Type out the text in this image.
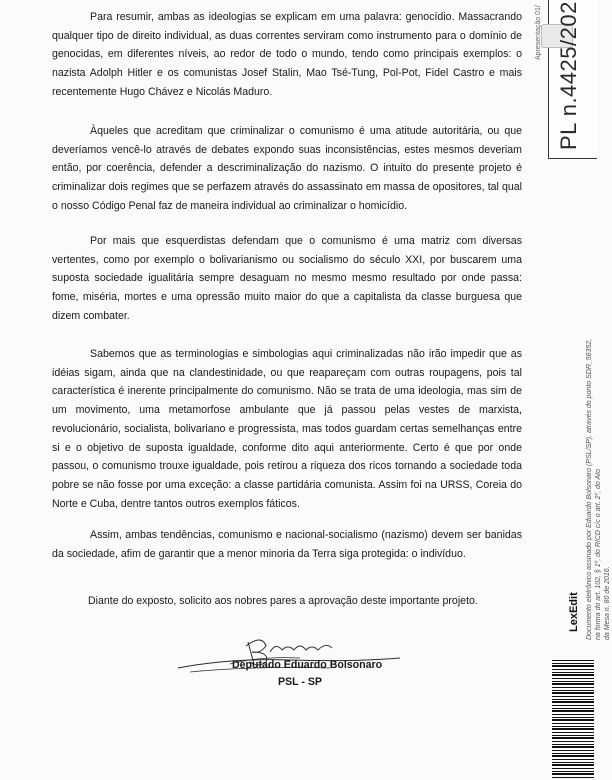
Para resumir, ambas as ideologias se explicam em uma palavra: genocídio. Massacrando qualquer tipo de direito individual, as duas correntes serviram como instrumento para o domínio de genocidas, em diferentes níveis, ao redor de todo o mundo, tendo como principais exemplos: o nazista Adolph Hitler e os comunistas Josef Stalin, Mao Tsé-Tung, Pol-Pot, Fidel Castro e mais recentemente Hugo Chávez e Nicolás Maduro.

Àqueles que acreditam que criminalizar o comunismo é uma atitude autoritária, ou que deveríamos vencê-lo através de debates expondo suas inconsistências, estes mesmos deveriam então, por coerência, defender a descriminalização do nazismo. O intuito do presente projeto é criminalizar dois regimes que se perfazem através do assassinato em massa de opositores, tal qual o nosso Código Penal faz de maneira individual ao criminalizar o homicídio.

Por mais que esquerdistas defendam que o comunismo é uma matriz com diversas vertentes, como por exemplo o bolivarianismo ou socialismo do século XXI, por buscarem uma suposta sociedade igualitária sempre desaguam no mesmo mesmo resultado por onde passa: fome, miséria, mortes e uma opressão muito maior do que a capitalista da classe burguesa que dizem combater.

Sabemos que as terminologias e simbologias aqui criminalizadas não irão impedir que as idéias sigam, ainda que na clandestinidade, ou que reapareçam com outras roupagens, pois tal característica é inerente principalmente do comunismo. Não se trata de uma ideologia, mas sim de um movimento, uma metamorfose ambulante que já passou pelas vestes de marxista, revolucionário, socialista, bolivariano e progressista, mas todos guardam certas semelhanças entre si e o objetivo de suposta igualdade, conforme dito aqui anteriormente. Certo é que por onde passou, o comunismo trouxe igualdade, pois retirou a riqueza dos ricos tornando a sociedade toda pobre se não fosse por uma exceção: a classe partidária comunista. Assim foi na URSS, Coreia do Norte e Cuba, dentre tantos outros exemplos fáticos.

Assim, ambas tendências, comunismo e nacional-socialismo (nazismo) devem ser banidas da sociedade, afim de garantir que a menor minoria da Terra siga protegida: o indivíduo.

Diante do exposto, solicito aos nobres pares a aprovação deste importante projeto.

Deputado Eduardo Bolsonaro
PSL - SP
Apresentação 01/ PL n.4425/202
Documento eletrônico assinado por Eduardo Bolsonaro (PSL/SP), através do ponto SDR_56352, na forma do art. 102, § 1º, do RICD c/c o art. 2º, do Ato da Mesa n. 80 de 2016.
LexEdit
